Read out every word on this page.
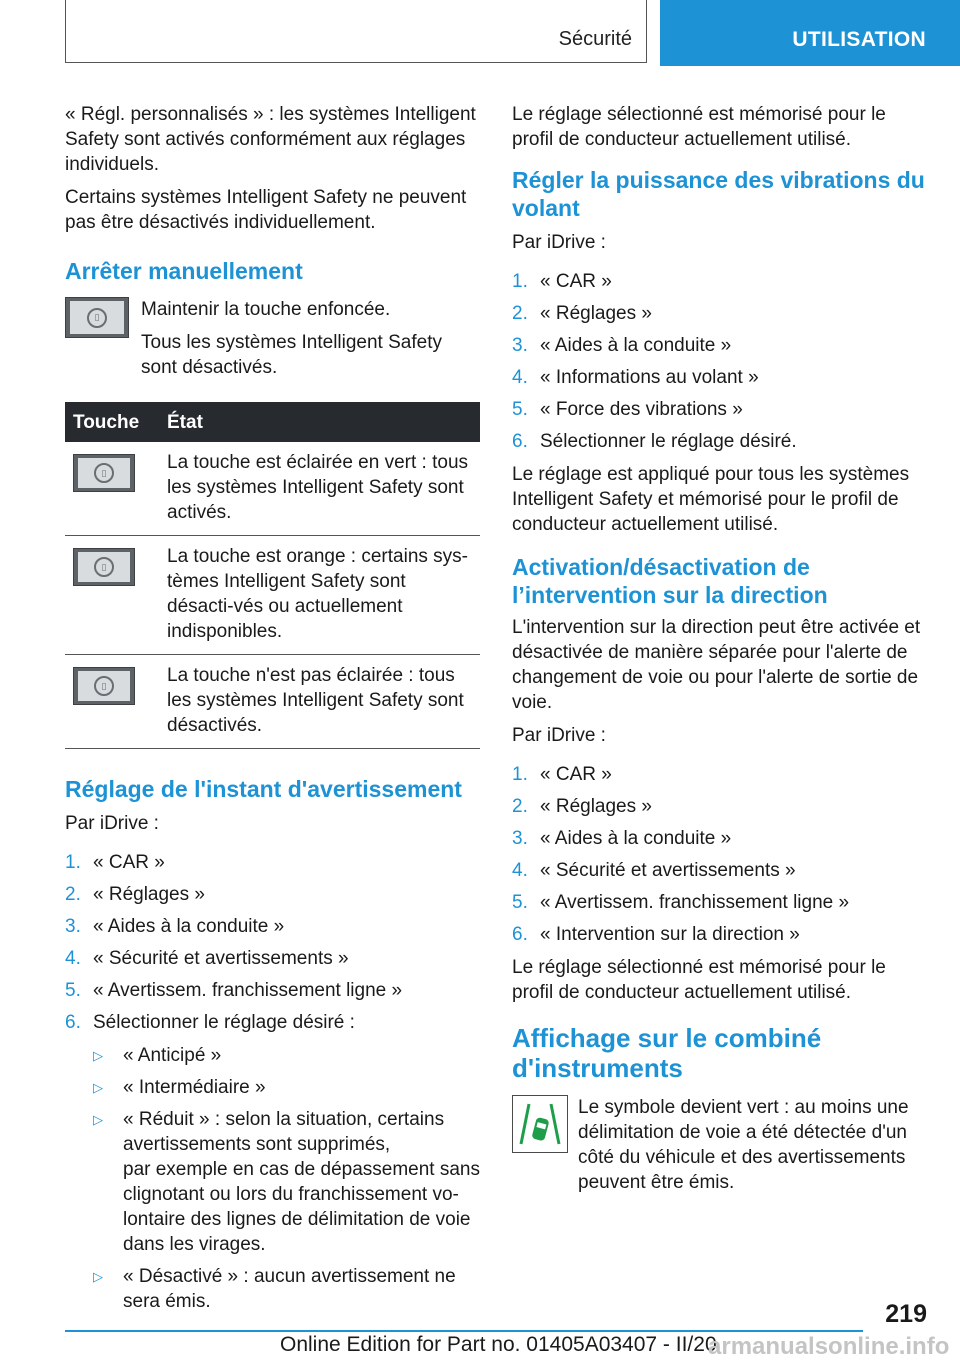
Sécurité	UTILISATION

« Régl. personnalisés » : les systèmes Intelligent Safety sont activés conformément aux réglages individuels.

Certains systèmes Intelligent Safety ne peuvent pas être désactivés individuellement.

Arrêter manuellement
▯	Maintenir la touche enfoncée.

Tous les systèmes Intelligent Safety sont désactivés.

Touche	État

▯	La touche est éclairée en vert : tous les systèmes Intelligent Safety sont activés.

▯	La touche est orange : certains sys-tèmes Intelligent Safety sont désacti-vés ou actuellement indisponibles.

▯	La touche n'est pas éclairée : tous les systèmes Intelligent Safety sont désactivés.
Réglage de l'instant d'avertissement

Par iDrive :

1. « CAR »
2. « Réglages »
3. « Aides à la conduite »
4. « Sécurité et avertissements »
5. « Avertissem. franchissement ligne »
6. Sélectionner le réglage désiré :
▷	« Anticipé »
▷	« Intermédiaire »
▷	« Réduit » : selon la situation, certains avertissements sont supprimés,
par exemple en cas de dépassement sans clignotant ou lors du franchissement vo-lontaire des lignes de délimitation de voie dans les virages.
▷	« Désactivé » : aucun avertissement ne sera émis.

Le réglage sélectionné est mémorisé pour le profil de conducteur actuellement utilisé.

Régler la puissance des vibrations du volant

Par iDrive :

1. « CAR »
2. « Réglages »
3. « Aides à la conduite »
4. « Informations au volant »
5. « Force des vibrations »
6. Sélectionner le réglage désiré.

Le réglage est appliqué pour tous les systèmes Intelligent Safety et mémorisé pour le profil de conducteur actuellement utilisé.

Activation/désactivation de l’intervention sur la direction

L'intervention sur la direction peut être activée et désactivée de manière séparée pour l'alerte de changement de voie ou pour l'alerte de sortie de voie.

Par iDrive :

1. « CAR »
2. « Réglages »
3. « Aides à la conduite »
4. « Sécurité et avertissements »
5. « Avertissem. franchissement ligne »
6. « Intervention sur la direction »

Le réglage sélectionné est mémorisé pour le profil de conducteur actuellement utilisé.

Affichage sur le combiné d'instruments

Le symbole devient vert : au moins une délimitation de voie a été détectée d'un côté du véhicule et des avertissements peuvent être émis.

219
Online Edition for Part no. 01405A03407 - II/20
armanualsonline.info
